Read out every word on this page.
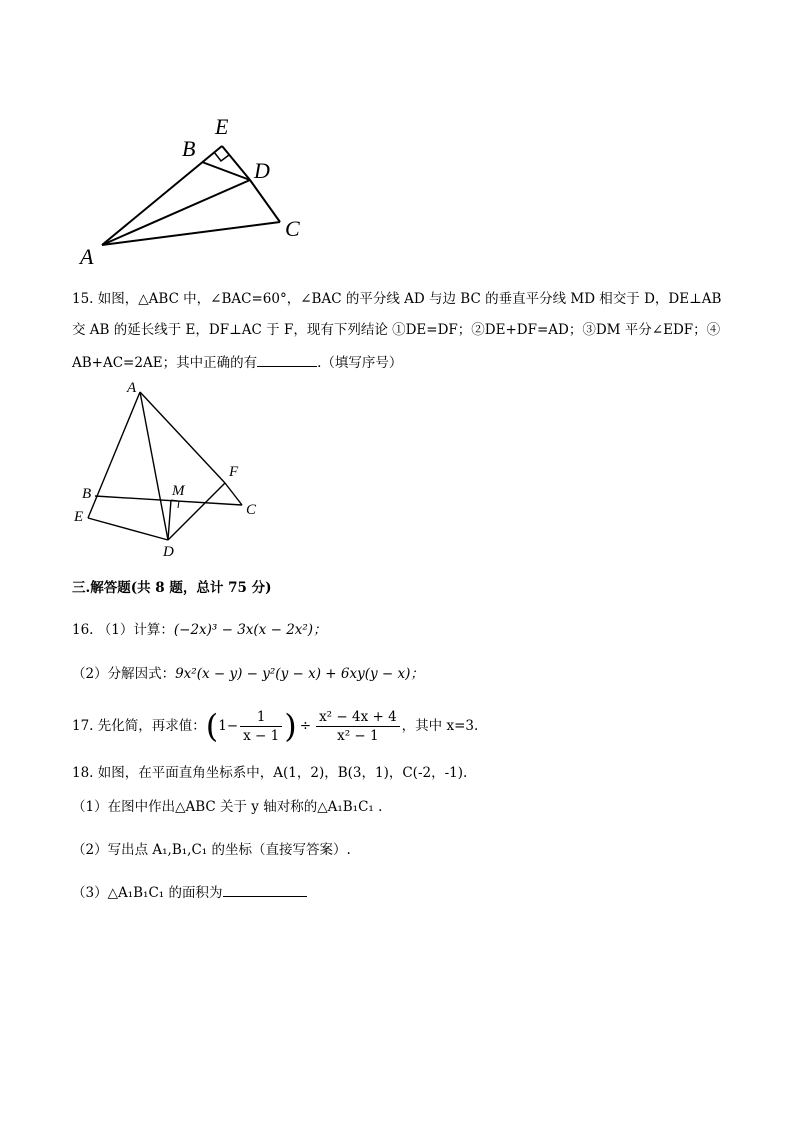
E
B
D
C
A
15. 如图，△ABC 中，∠BAC=60°，∠BAC 的平分线 AD 与边 BC 的垂直平分线 MD 相交于 D，DE⊥AB
交 AB 的延长线于 E，DF⊥AC 于 F，现有下列结论 ①DE=DF；②DE+DF=AD；③DM 平分∠EDF；④
AB+AC=2AE；其中正确的有	.（填写序号）
A
F
B	M
C
E
D
三.解答题(共 8 题，总计 75 分)
16. （1）计算：(−2x)³ − 3x(x − 2x²)；
（2）分解因式：9x²(x − y) − y²(y − x) + 6xy(y − x)；
17. 先化简，再求值： ( $1- \frac{1}{x - 1}$ ) ÷ $\frac{\text{x² − 4x + 4}}{\text{x² − 1}}$ ，其中 x=3.
18. 如图，在平面直角坐标系中，A(1，2)，B(3，1)，C(-2，-1).
（1）在图中作出△ABC 关于 y 轴对称的△A₁B₁C₁ .
（2）写出点 A₁,B₁,C₁ 的坐标（直接写答案）.
（3）△A₁B₁C₁ 的面积为
